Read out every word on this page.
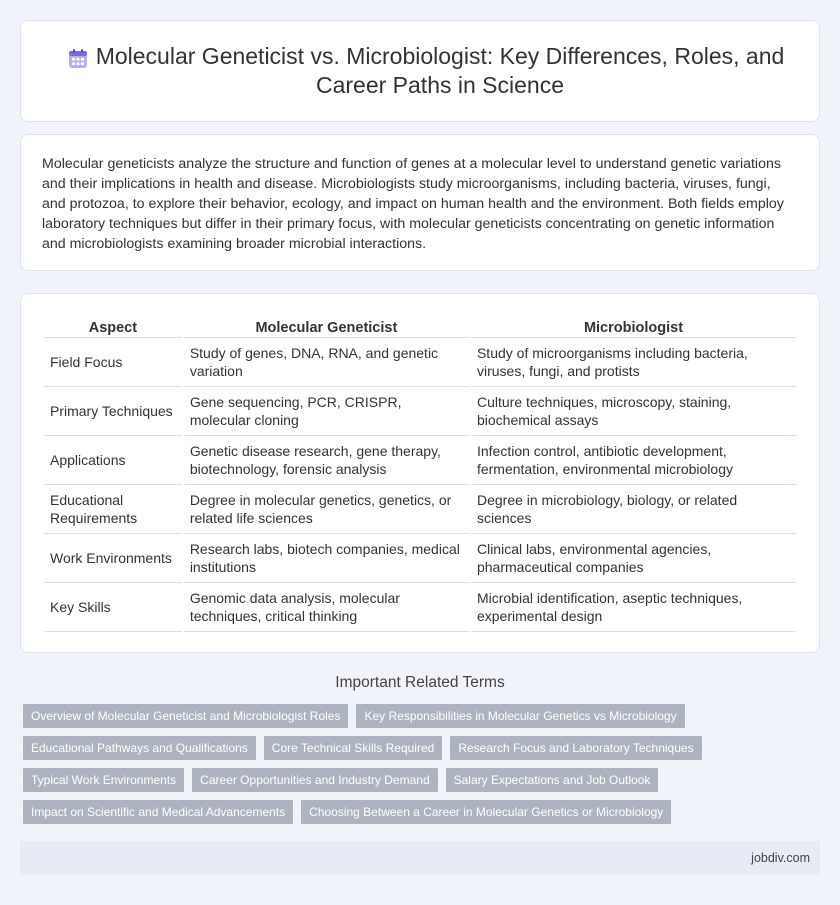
Molecular Geneticist vs. Microbiologist: Key Differences, Roles, and Career Paths in Science

Molecular geneticists analyze the structure and function of genes at a molecular level to understand genetic variations and their implications in health and disease. Microbiologists study microorganisms, including bacteria, viruses, fungi, and protozoa, to explore their behavior, ecology, and impact on human health and the environment. Both fields employ laboratory techniques but differ in their primary focus, with molecular geneticists concentrating on genetic information and microbiologists examining broader microbial interactions.

Aspect	Molecular Geneticist	Microbiologist
Field Focus	Study of genes, DNA, RNA, and genetic variation	Study of microorganisms including bacteria, viruses, fungi, and protists
Primary Techniques	Gene sequencing, PCR, CRISPR, molecular cloning	Culture techniques, microscopy, staining, biochemical assays
Applications	Genetic disease research, gene therapy, biotechnology, forensic analysis	Infection control, antibiotic development, fermentation, environmental microbiology
Educational Requirements	Degree in molecular genetics, genetics, or related life sciences	Degree in microbiology, biology, or related sciences
Work Environments	Research labs, biotech companies, medical institutions	Clinical labs, environmental agencies, pharmaceutical companies
Key Skills	Genomic data analysis, molecular techniques, critical thinking	Microbial identification, aseptic techniques, experimental design
Important Related Terms
Overview of Molecular Geneticist and Microbiologist Roles	Key Responsibilities in Molecular Genetics vs Microbiology
Educational Pathways and Qualifications	Core Technical Skills Required	Research Focus and Laboratory Techniques
Typical Work Environments	Career Opportunities and Industry Demand	Salary Expectations and Job Outlook
Impact on Scientific and Medical Advancements	Choosing Between a Career in Molecular Genetics or Microbiology
jobdiv.com
